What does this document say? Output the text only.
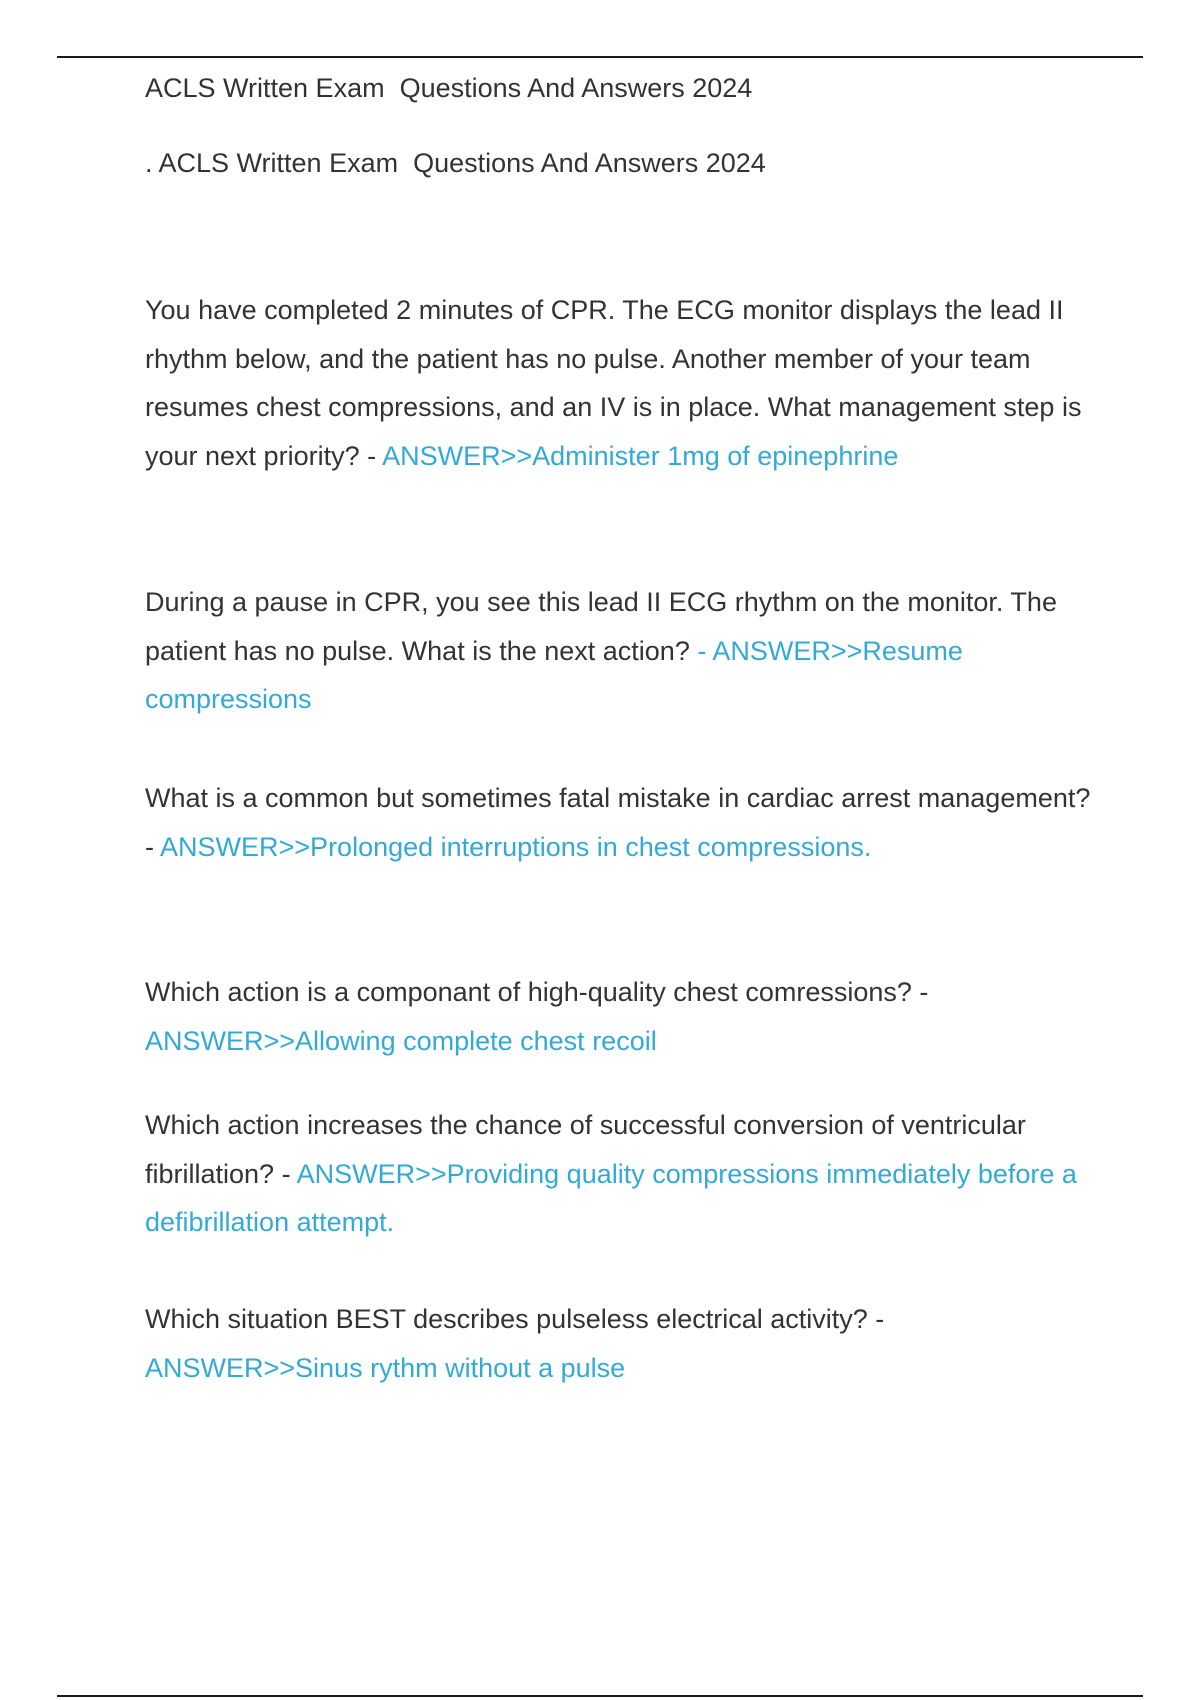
ACLS Written Exam  Questions And Answers 2024
. ACLS Written Exam  Questions And Answers 2024

You have completed 2 minutes of CPR. The ECG monitor displays the lead II rhythm below, and the patient has no pulse. Another member of your team resumes chest compressions, and an IV is in place. What management step is your next priority? - ANSWER>>Administer 1mg of epinephrine

During a pause in CPR, you see this lead II ECG rhythm on the monitor. The patient has no pulse. What is the next action? - ANSWER>>Resume compressions

What is a common but sometimes fatal mistake in cardiac arrest management? - ANSWER>>Prolonged interruptions in chest compressions.

Which action is a componant of high-quality chest comressions? - ANSWER>>Allowing complete chest recoil

Which action increases the chance of successful conversion of ventricular fibrillation? - ANSWER>>Providing quality compressions immediately before a defibrillation attempt.

Which situation BEST describes pulseless electrical activity? - ANSWER>>Sinus rythm without a pulse
